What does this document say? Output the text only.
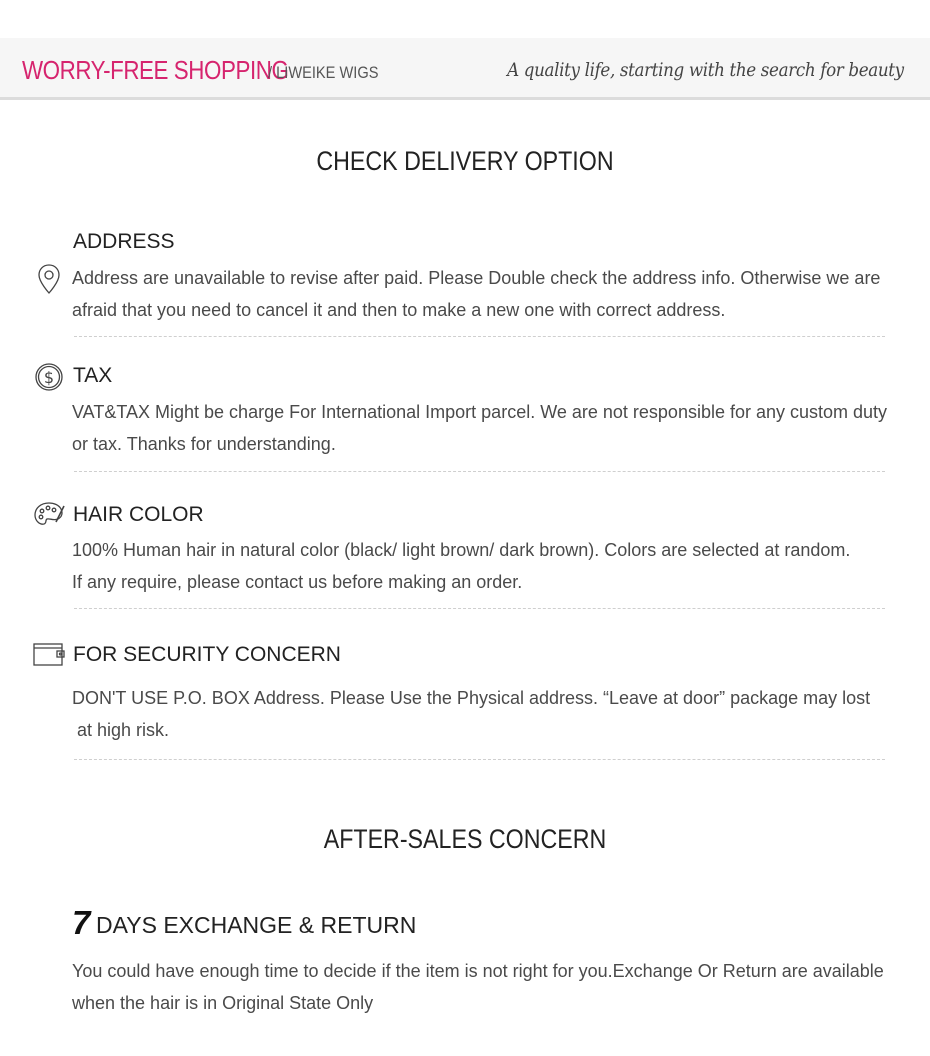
WORRY-FREE SHOPPING
/ LIWEIKE WIGS	A quality life, starting with the search for beauty
CHECK DELIVERY OPTION
ADDRESS

Address are unavailable to revise after paid. Please Double check the address info. Otherwise we are

afraid that you need to cancel it and then to make a new one with correct address.

$ TAX

VAT&TAX Might be charge For International Import parcel. We are not responsible for any custom duty

or tax. Thanks for understanding.

HAIR COLOR

100% Human hair in natural color (black/ light brown/ dark brown). Colors are selected at random.

If any require, please contact us before making an order.

FOR SECURITY CONCERN

DON'T USE P.O. BOX Address. Please Use the Physical address. “Leave at door” package may lost

at high risk.

AFTER-SALES CONCERN
7 DAYS EXCHANGE & RETURN

You could have enough time to decide if the item is not right for you.Exchange Or Return are available

when the hair is in Original State Only
